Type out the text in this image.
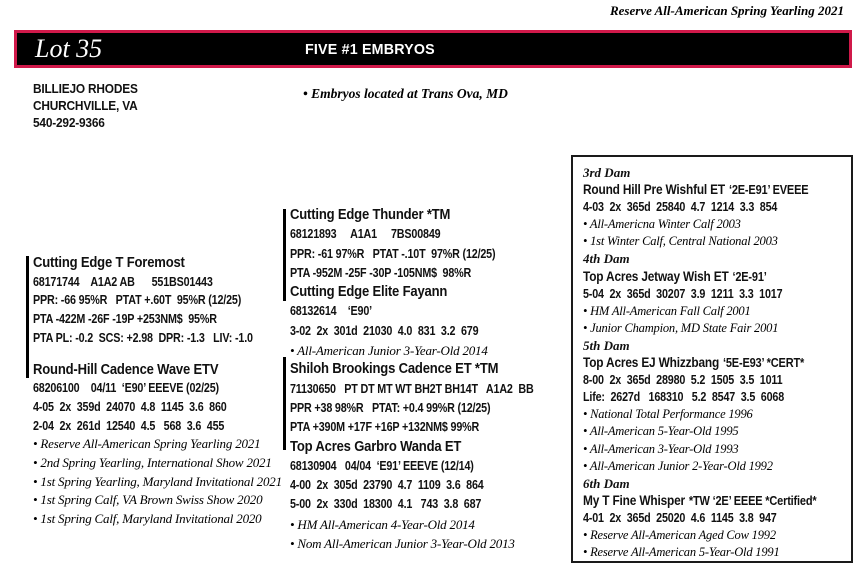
Reserve All-American Spring Yearling 2021
Lot 35	FIVE #1 EMBRYOS
BILLIEJO RHODES
CHURCHVILLE, VA
540-292-9366
• Embryos located at Trans Ova, MD
Cutting Edge T Foremost
68171744    A1A2 AB      551BS01443
PPR: -66 95%R   PTAT +.60T  95%R (12/25)
PTA -422M -26F -19P +253NM$  95%R
PTA PL: -0.2  SCS: +2.98  DPR: -1.3   LIV: -1.0
Round-Hill Cadence Wave ETV
68206100    04/11  ‘E90’ EEEVE (02/25)
4-05  2x  359d  24070  4.8  1145  3.6  860
2-04  2x  261d  12540  4.5   568  3.6  455
• Reserve All-American Spring Yearling 2021
• 2nd Spring Yearling, International Show 2021
• 1st Spring Yearling, Maryland Invitational 2021
• 1st Spring Calf, VA Brown Swiss Show 2020
• 1st Spring Calf, Maryland Invitational 2020
Cutting Edge Thunder *TM
68121893     A1A1     7BS00849
PPR: -61 97%R   PTAT -.10T  97%R (12/25)
PTA -952M -25F -30P -105NM$  98%R
Cutting Edge Elite Fayann
68132614    ‘E90’
3-02  2x  301d  21030  4.0  831  3.2  679
• All-American Junior 3-Year-Old 2014
Shiloh Brookings Cadence ET *TM
71130650   PT DT MT WT BH2T BH14T   A1A2  BB
PPR +38 98%R   PTAT: +0.4 99%R (12/25)
PTA +390M +17F +16P +132NM$ 99%R
Top Acres Garbro Wanda ET
68130904   04/04  ‘E91’ EEEVE (12/14)
4-00  2x  305d  23790  4.7  1109  3.6  864
5-00  2x  330d  18300  4.1   743  3.8  687
• HM All-American 4-Year-Old 2014
• Nom All-American Junior 3-Year-Old 2013
3rd Dam
Round Hill Pre Wishful ET ‘2E-E91’ EVEEE
4-03  2x  365d  25840  4.7  1214  3.3  854
• All-Americna Winter Calf 2003
• 1st Winter Calf, Central National 2003
4th Dam
Top Acres Jetway Wish ET ‘2E-91’
5-04  2x  365d  30207  3.9  1211  3.3  1017
• HM All-American Fall Calf 2001
• Junior Champion, MD State Fair 2001
5th Dam
Top Acres EJ Whizzbang ‘5E-E93’ *CERT*
8-00  2x  365d  28980  5.2  1505  3.5  1011
Life:  2627d   168310   5.2  8547  3.5  6068
• National Total Performance 1996
• All-American 5-Year-Old 1995
• All-American 3-Year-Old 1993
• All-American Junior 2-Year-Old 1992
6th Dam
My T Fine Whisper *TW ‘2E’ EEEE *Certified*
4-01  2x  365d  25020  4.6  1145  3.8  947
• Reserve All-American Aged Cow 1992
• Reserve All-American 5-Year-Old 1991
